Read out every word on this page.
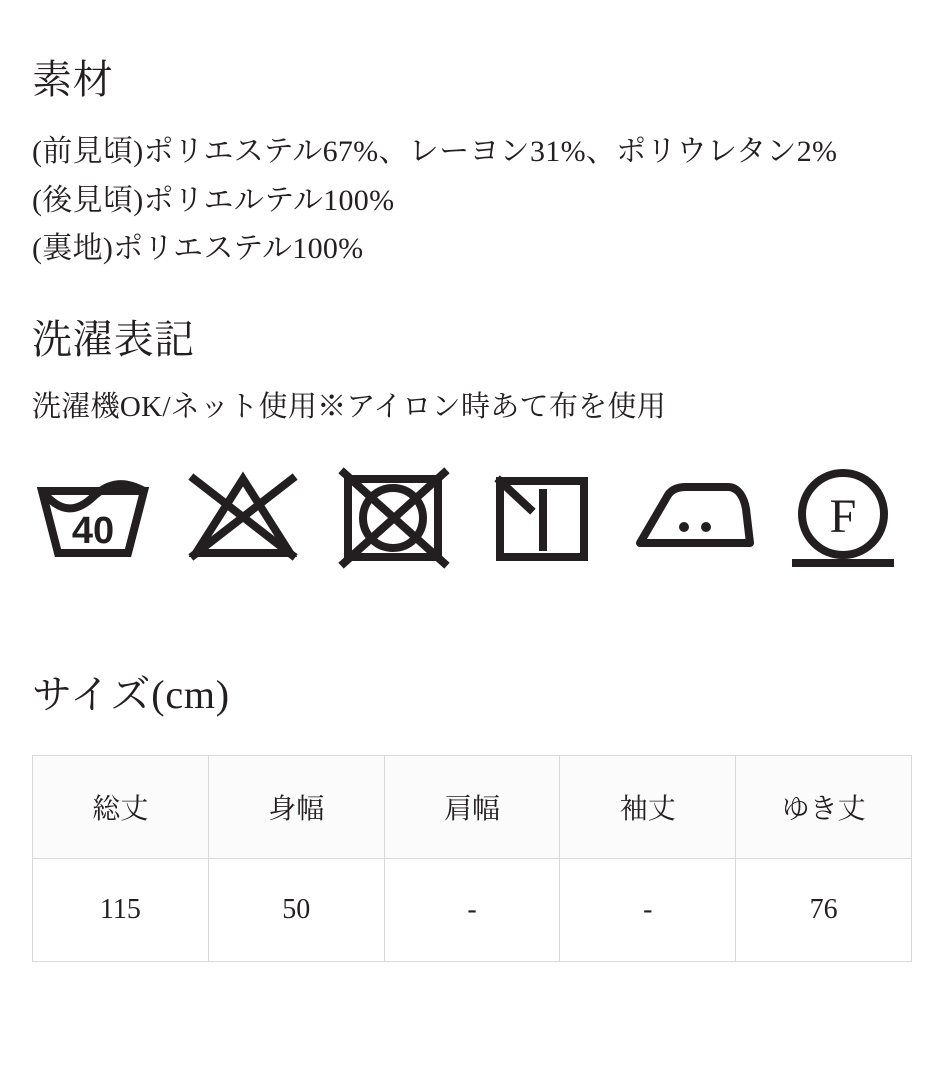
素材
(前見頃)ポリエステル67%、レーヨン31%、ポリウレタン2%
(後見頃)ポリエルテル100%
(裏地)ポリエステル100%
洗濯表記
洗濯機OK/ネット使用※アイロン時あて布を使用
40	F
サイズ(cm)
総丈	身幅	肩幅	袖丈	ゆき丈
115	50	-	-	76
